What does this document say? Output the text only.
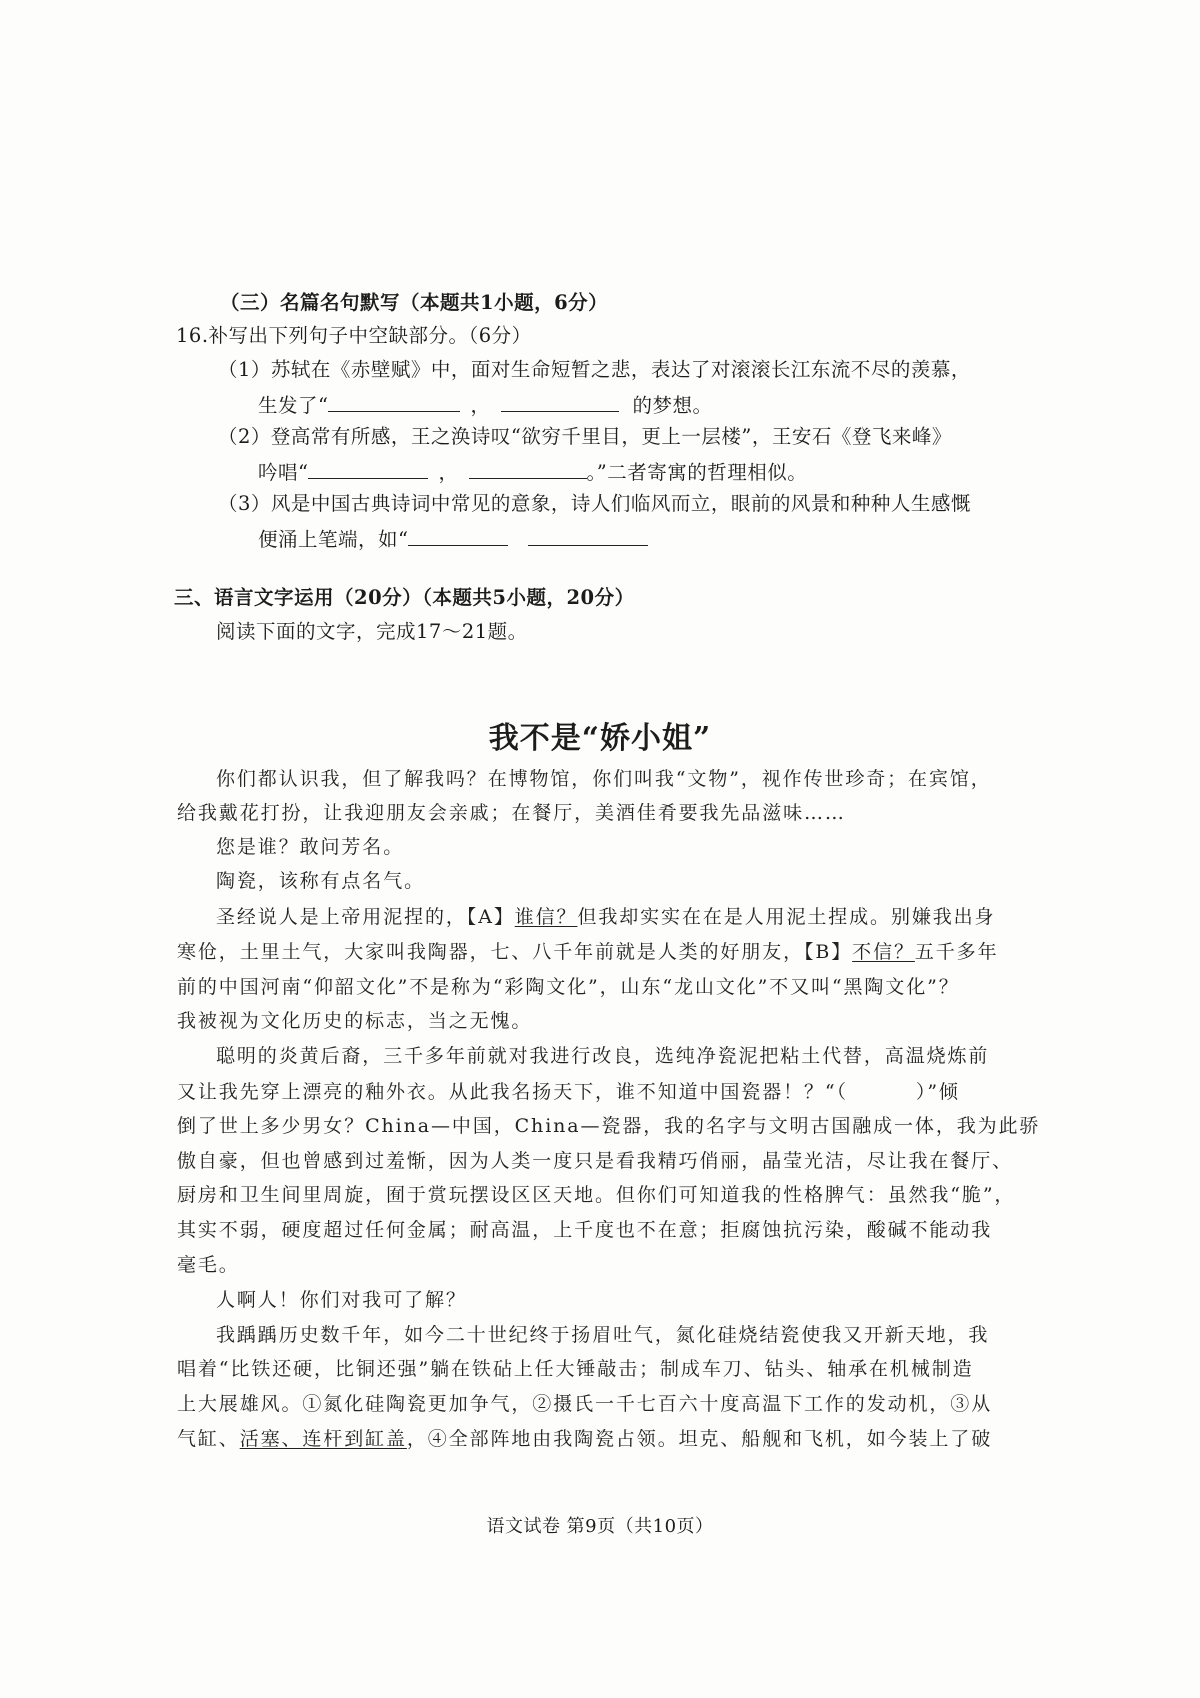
（三）名篇名句默写（本题共1小题，6分）
16.补写出下列句子中空缺部分。（6分）
（1）苏轼在《赤壁赋》中，面对生命短暂之悲，表达了对滚滚长江东流不尽的羡慕，
生发了“	，	的梦想。
（2）登高常有所感，王之涣诗叹“欲穷千里目，更上一层楼”，王安石《登飞来峰》
吟唱“	，	。”二者寄寓的哲理相似。
（3）风是中国古典诗词中常见的意象，诗人们临风而立，眼前的风景和种种人生感慨
便涌上笔端，如“
三、语言文字运用（20分）（本题共5小题，20分）
阅读下面的文字，完成17～21题。
我不是“娇小姐”
你们都认识我，但了解我吗？在博物馆，你们叫我“文物”，视作传世珍奇；在宾馆，
给我戴花打扮，让我迎朋友会亲戚；在餐厅，美酒佳肴要我先品滋味……
您是谁？敢问芳名。
陶瓷，该称有点名气。
圣经说人是上帝用泥捏的，【A】谁信？但我却实实在在是人用泥土捏成。别嫌我出身
寒伧，土里土气，大家叫我陶器，七、八千年前就是人类的好朋友，【B】不信？五千多年
前的中国河南“仰韶文化”不是称为“彩陶文化”，山东“龙山文化”不又叫“黑陶文化”？
我被视为文化历史的标志，当之无愧。
聪明的炎黄后裔，三千多年前就对我进行改良，选纯净瓷泥把粘土代替，高温烧炼前
又让我先穿上漂亮的釉外衣。从此我名扬天下，谁不知道中国瓷器！？“（	）”倾
倒了世上多少男女？China—中国，China—瓷器，我的名字与文明古国融成一体，我为此骄
傲自豪，但也曾感到过羞惭，因为人类一度只是看我精巧俏丽，晶莹光洁，尽让我在餐厅、
厨房和卫生间里周旋，囿于赏玩摆设区区天地。但你们可知道我的性格脾气：虽然我“脆”，
其实不弱，硬度超过任何金属；耐高温，上千度也不在意；拒腐蚀抗污染，酸碱不能动我
毫毛。
人啊人！你们对我可了解？
我踽踽历史数千年，如今二十世纪终于扬眉吐气，氮化硅烧结瓷使我又开新天地，我
唱着“比铁还硬，比铜还强”躺在铁砧上任大锤敲击；制成车刀、钻头、轴承在机械制造
上大展雄风。①氮化硅陶瓷更加争气，②摄氏一千七百六十度高温下工作的发动机，③从
气缸、活塞、连杆到缸盖，④全部阵地由我陶瓷占领。坦克、船舰和飞机，如今装上了破
语文试卷 第9页（共10页）
